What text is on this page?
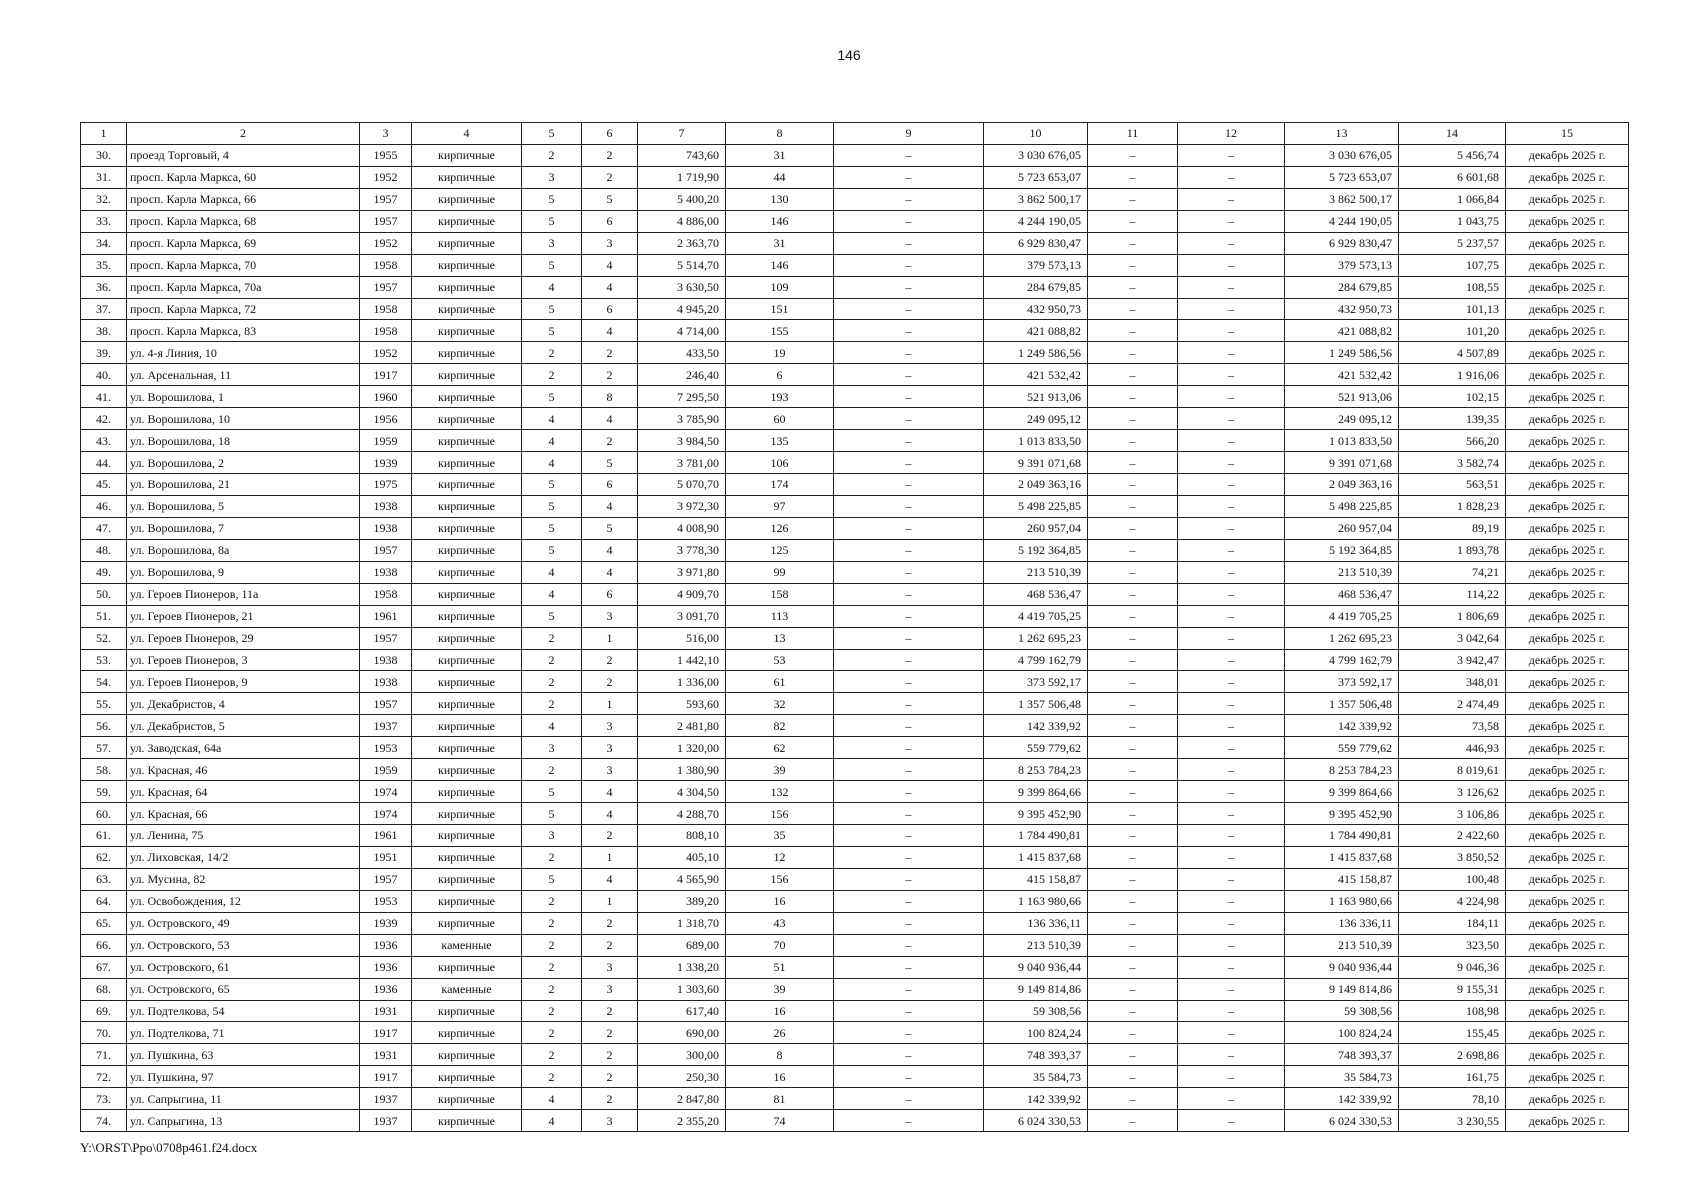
146
1	2	3	4	5	6	7	8	9	10	11	12	13	14	15
30.	проезд Торговый, 4	1955	кирпичные	2	2	743,60	31	–	3 030 676,05	–	–	3 030 676,05	5 456,74	декабрь 2025 г.
31.	просп. Карла Маркса, 60	1952	кирпичные	3	2	1 719,90	44	–	5 723 653,07	–	–	5 723 653,07	6 601,68	декабрь 2025 г.
32.	просп. Карла Маркса, 66	1957	кирпичные	5	5	5 400,20	130	–	3 862 500,17	–	–	3 862 500,17	1 066,84	декабрь 2025 г.
33.	просп. Карла Маркса, 68	1957	кирпичные	5	6	4 886,00	146	–	4 244 190,05	–	–	4 244 190,05	1 043,75	декабрь 2025 г.
34.	просп. Карла Маркса, 69	1952	кирпичные	3	3	2 363,70	31	–	6 929 830,47	–	–	6 929 830,47	5 237,57	декабрь 2025 г.
35.	просп. Карла Маркса, 70	1958	кирпичные	5	4	5 514,70	146	–	379 573,13	–	–	379 573,13	107,75	декабрь 2025 г.
36.	просп. Карла Маркса, 70а	1957	кирпичные	4	4	3 630,50	109	–	284 679,85	–	–	284 679,85	108,55	декабрь 2025 г.
37.	просп. Карла Маркса, 72	1958	кирпичные	5	6	4 945,20	151	–	432 950,73	–	–	432 950,73	101,13	декабрь 2025 г.
38.	просп. Карла Маркса, 83	1958	кирпичные	5	4	4 714,00	155	–	421 088,82	–	–	421 088,82	101,20	декабрь 2025 г.
39.	ул. 4-я Линия, 10	1952	кирпичные	2	2	433,50	19	–	1 249 586,56	–	–	1 249 586,56	4 507,89	декабрь 2025 г.
40.	ул. Арсенальная, 11	1917	кирпичные	2	2	246,40	6	–	421 532,42	–	–	421 532,42	1 916,06	декабрь 2025 г.
41.	ул. Ворошилова, 1	1960	кирпичные	5	8	7 295,50	193	–	521 913,06	–	–	521 913,06	102,15	декабрь 2025 г.
42.	ул. Ворошилова, 10	1956	кирпичные	4	4	3 785,90	60	–	249 095,12	–	–	249 095,12	139,35	декабрь 2025 г.
43.	ул. Ворошилова, 18	1959	кирпичные	4	2	3 984,50	135	–	1 013 833,50	–	–	1 013 833,50	566,20	декабрь 2025 г.
44.	ул. Ворошилова, 2	1939	кирпичные	4	5	3 781,00	106	–	9 391 071,68	–	–	9 391 071,68	3 582,74	декабрь 2025 г.
45.	ул. Ворошилова, 21	1975	кирпичные	5	6	5 070,70	174	–	2 049 363,16	–	–	2 049 363,16	563,51	декабрь 2025 г.
46.	ул. Ворошилова, 5	1938	кирпичные	5	4	3 972,30	97	–	5 498 225,85	–	–	5 498 225,85	1 828,23	декабрь 2025 г.
47.	ул. Ворошилова, 7	1938	кирпичные	5	5	4 008,90	126	–	260 957,04	–	–	260 957,04	89,19	декабрь 2025 г.
48.	ул. Ворошилова, 8а	1957	кирпичные	5	4	3 778,30	125	–	5 192 364,85	–	–	5 192 364,85	1 893,78	декабрь 2025 г.
49.	ул. Ворошилова, 9	1938	кирпичные	4	4	3 971,80	99	–	213 510,39	–	–	213 510,39	74,21	декабрь 2025 г.
50.	ул. Героев Пионеров, 11а	1958	кирпичные	4	6	4 909,70	158	–	468 536,47	–	–	468 536,47	114,22	декабрь 2025 г.
51.	ул. Героев Пионеров, 21	1961	кирпичные	5	3	3 091,70	113	–	4 419 705,25	–	–	4 419 705,25	1 806,69	декабрь 2025 г.
52.	ул. Героев Пионеров, 29	1957	кирпичные	2	1	516,00	13	–	1 262 695,23	–	–	1 262 695,23	3 042,64	декабрь 2025 г.
53.	ул. Героев Пионеров, 3	1938	кирпичные	2	2	1 442,10	53	–	4 799 162,79	–	–	4 799 162,79	3 942,47	декабрь 2025 г.
54.	ул. Героев Пионеров, 9	1938	кирпичные	2	2	1 336,00	61	–	373 592,17	–	–	373 592,17	348,01	декабрь 2025 г.
55.	ул. Декабристов, 4	1957	кирпичные	2	1	593,60	32	–	1 357 506,48	–	–	1 357 506,48	2 474,49	декабрь 2025 г.
56.	ул. Декабристов, 5	1937	кирпичные	4	3	2 481,80	82	–	142 339,92	–	–	142 339,92	73,58	декабрь 2025 г.
57.	ул. Заводская, 64а	1953	кирпичные	3	3	1 320,00	62	–	559 779,62	–	–	559 779,62	446,93	декабрь 2025 г.
58.	ул. Красная, 46	1959	кирпичные	2	3	1 380,90	39	–	8 253 784,23	–	–	8 253 784,23	8 019,61	декабрь 2025 г.
59.	ул. Красная, 64	1974	кирпичные	5	4	4 304,50	132	–	9 399 864,66	–	–	9 399 864,66	3 126,62	декабрь 2025 г.
60.	ул. Красная, 66	1974	кирпичные	5	4	4 288,70	156	–	9 395 452,90	–	–	9 395 452,90	3 106,86	декабрь 2025 г.
61.	ул. Ленина, 75	1961	кирпичные	3	2	808,10	35	–	1 784 490,81	–	–	1 784 490,81	2 422,60	декабрь 2025 г.
62.	ул. Лиховская, 14/2	1951	кирпичные	2	1	405,10	12	–	1 415 837,68	–	–	1 415 837,68	3 850,52	декабрь 2025 г.
63.	ул. Мусина, 82	1957	кирпичные	5	4	4 565,90	156	–	415 158,87	–	–	415 158,87	100,48	декабрь 2025 г.
64.	ул. Освобождения, 12	1953	кирпичные	2	1	389,20	16	–	1 163 980,66	–	–	1 163 980,66	4 224,98	декабрь 2025 г.
65.	ул. Островского, 49	1939	кирпичные	2	2	1 318,70	43	–	136 336,11	–	–	136 336,11	184,11	декабрь 2025 г.
66.	ул. Островского, 53	1936	каменные	2	2	689,00	70	–	213 510,39	–	–	213 510,39	323,50	декабрь 2025 г.
67.	ул. Островского, 61	1936	кирпичные	2	3	1 338,20	51	–	9 040 936,44	–	–	9 040 936,44	9 046,36	декабрь 2025 г.
68.	ул. Островского, 65	1936	каменные	2	3	1 303,60	39	–	9 149 814,86	–	–	9 149 814,86	9 155,31	декабрь 2025 г.
69.	ул. Подтелкова, 54	1931	кирпичные	2	2	617,40	16	–	59 308,56	–	–	59 308,56	108,98	декабрь 2025 г.
70.	ул. Подтелкова, 71	1917	кирпичные	2	2	690,00	26	–	100 824,24	–	–	100 824,24	155,45	декабрь 2025 г.
71.	ул. Пушкина, 63	1931	кирпичные	2	2	300,00	8	–	748 393,37	–	–	748 393,37	2 698,86	декабрь 2025 г.
72.	ул. Пушкина, 97	1917	кирпичные	2	2	250,30	16	–	35 584,73	–	–	35 584,73	161,75	декабрь 2025 г.
73.	ул. Сапрыгина, 11	1937	кирпичные	4	2	2 847,80	81	–	142 339,92	–	–	142 339,92	78,10	декабрь 2025 г.
74.	ул. Сапрыгина, 13	1937	кирпичные	4	3	2 355,20	74	–	6 024 330,53	–	–	6 024 330,53	3 230,55	декабрь 2025 г.
Y:\ORST\Ppo\0708p461.f24.docx
